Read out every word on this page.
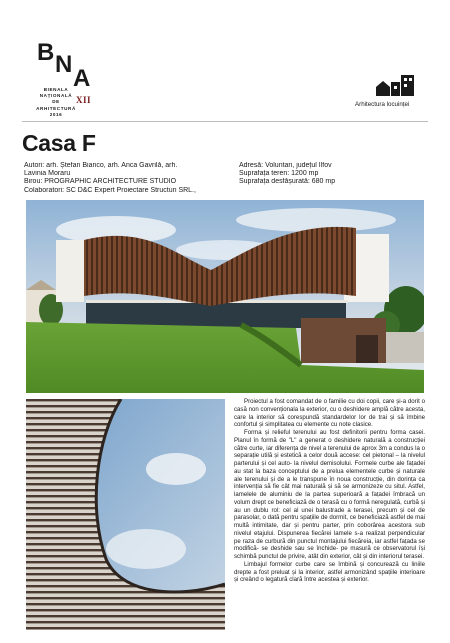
B N
A
BIENALA
NAȚIONALĂ
DE
ARHITECTURĂ
2016
XII	Arhitectura locuinței
Casa F
Autori: arh. Ștefan Bianco, arh. Anca Gavrilă, arh.
Lavinia Moraru
Birou: PROGRAPHIC ARCHITECTURE STUDIO
Colaboratori: SC D&C Expert Proiectare Structuri SRL.,
Adresă: Voluntari, județul Ilfov
Suprafața teren: 1200 mp
Suprafața desfășurată: 680 mp

Proiectul a fost comandat de o familie cu doi copii, care și-a dorit o casă non convenționala la exterior, cu o deshidere amplă către acesta, care la interior să corespundă standardelor lor de trai și să îmbine confortul și simplitatea cu elemente cu note clasice.

Forma și relieful terenului au fost definitorii pentru forma casei. Planul în formă de "L" a generat o deshidere naturală a construcției către curte, iar diferența de nivel a terenului de aprox 3m a condus la o separație utilă și estetică a celor două accese: cel pietonal – la nivelul parterului și cel auto- la nivelul demisolului. Formele curbe ale fațadei au stat la baza conceptului de a prelua elementele curbe și naturale ale terenului și de a le transpune în noua construcție, din dorința ca intervenția să fie cât mai naturală și să se armonizeze cu situl. Astfel, lamelele de aluminiu de la partea superioară a fațadei îmbracă un volum drept ce beneficiază de o terasă cu o formă neregulată, curbă și au un dublu rol: cel al unei balustrade a terasei, precum și cel de parasolar, o dată pentru spațiile de dormit, ce beneficiază astfel de mai multă intimitate, dar și pentru parter, prin coborârea acestora sub nivelul etajului. Dispunerea fiecărei lamele s-a realizat perpendicular pe raza de curbură din punctul montajului fiecăreia, iar astfel fațada se modifică- se deshide sau se închide- pe masură ce observatorul își schimbă punctul de privire, atât din exterior, cât și din interiorul terasei.

Limbajul formelor curbe care se îmbină și concurează cu liniile drepte a fost preluat și la interior, astfel armonizând spațiile interioare și creând o legatură clară între acestea și exterior.
